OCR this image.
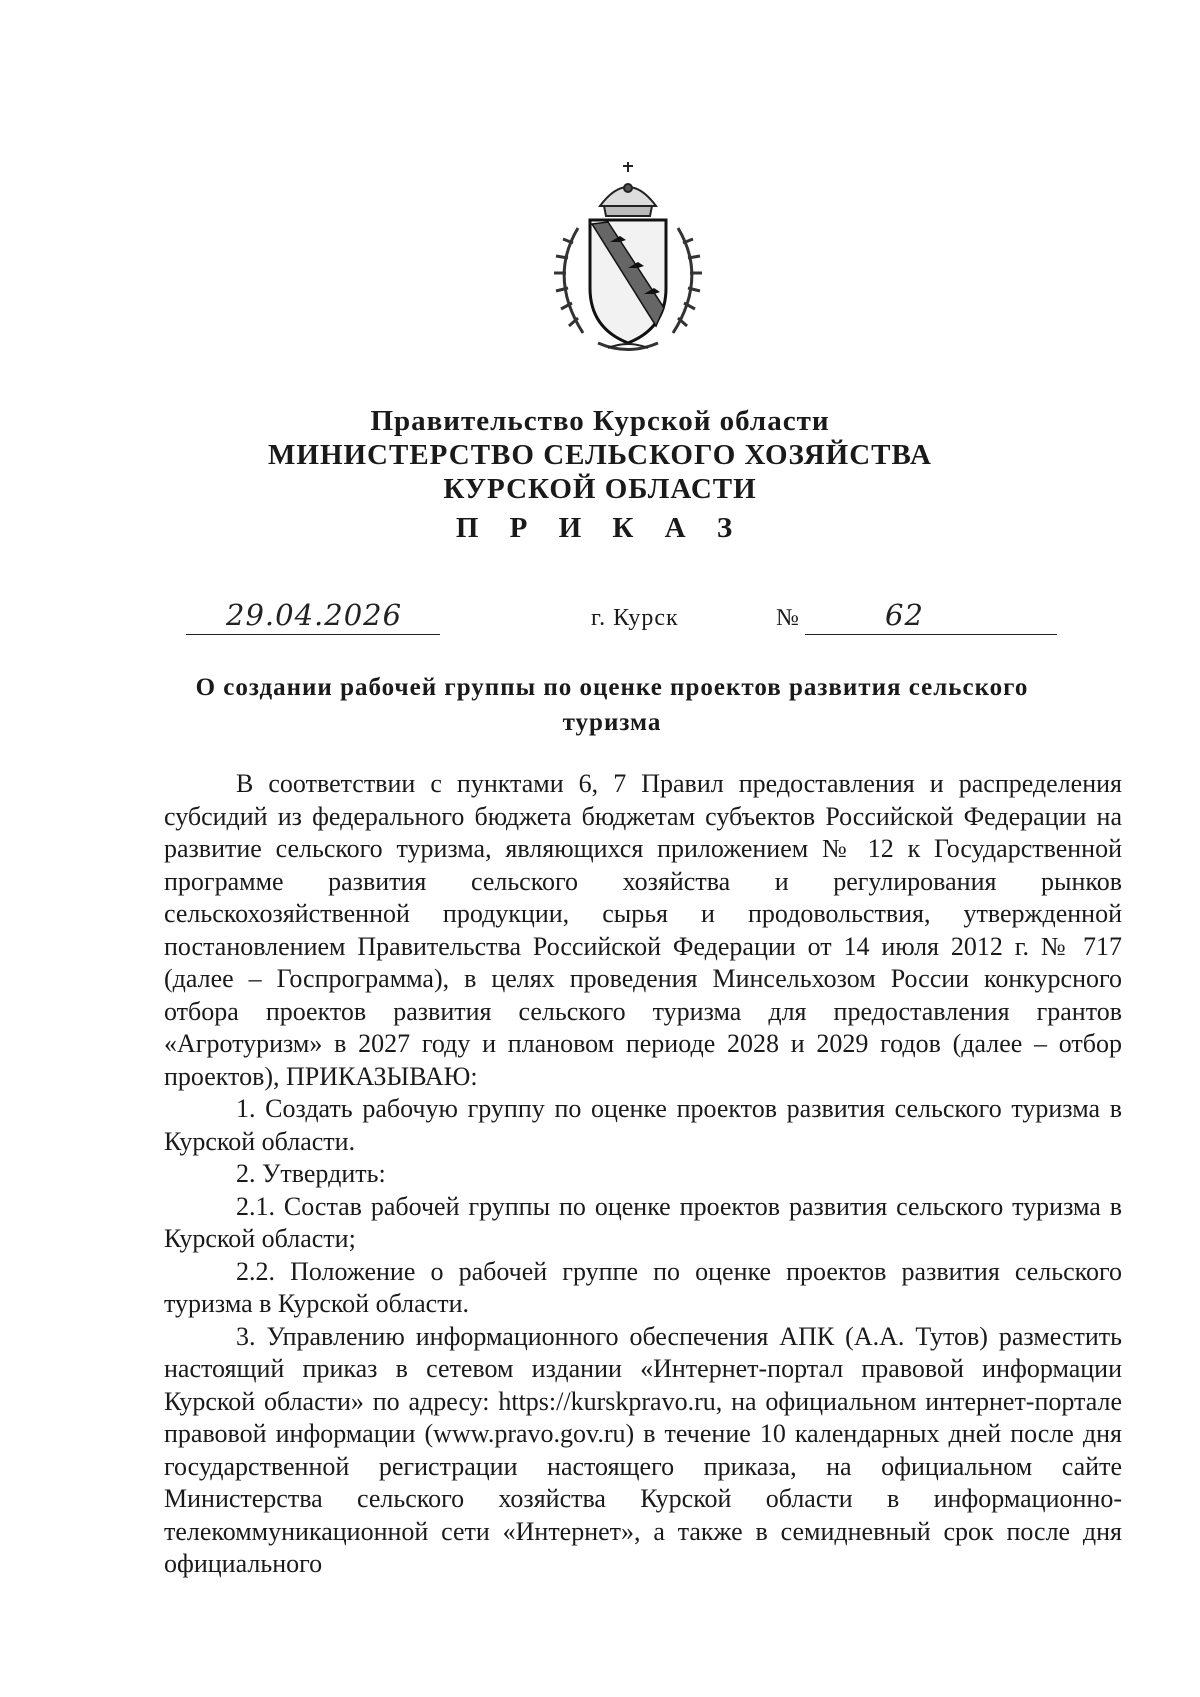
Правительство Курской области
МИНИСТЕРСТВО СЕЛЬСКОГО ХОЗЯЙСТВА
КУРСКОЙ ОБЛАСТИ
П Р И К А З
29.04.2026	г. Курск	№	62
О создании рабочей группы по оценке проектов развития сельского туризма

В соответствии с пунктами 6, 7 Правил предоставления и распределения субсидий из федерального бюджета бюджетам субъектов Российской Федерации на развитие сельского туризма, являющихся приложением № 12 к Государственной программе развития сельского хозяйства и регулирования рынков сельскохозяйственной продукции, сырья и продовольствия, утвержденной постановлением Правительства Российской Федерации от 14 июля 2012 г. № 717 (далее – Госпрограмма), в целях проведения Минсельхозом России конкурсного отбора проектов развития сельского туризма для предоставления грантов «Агротуризм» в 2027 году и плановом периоде 2028 и 2029 годов (далее – отбор проектов), ПРИКАЗЫВАЮ:

1. Создать рабочую группу по оценке проектов развития сельского туризма в Курской области.

2. Утвердить:

2.1. Состав рабочей группы по оценке проектов развития сельского туризма в Курской области;

2.2. Положение о рабочей группе по оценке проектов развития сельского туризма в Курской области.

3. Управлению информационного обеспечения АПК (А.А. Тутов) разместить настоящий приказ в сетевом издании «Интернет-портал правовой информации Курской области» по адресу: https://kurskpravo.ru, на официальном интернет-портале правовой информации (www.pravo.gov.ru) в течение 10 календарных дней после дня государственной регистрации настоящего приказа, на официальном сайте Министерства сельского хозяйства Курской области в информационно-телекоммуникационной сети «Интернет», а также в семидневный срок после дня официального
